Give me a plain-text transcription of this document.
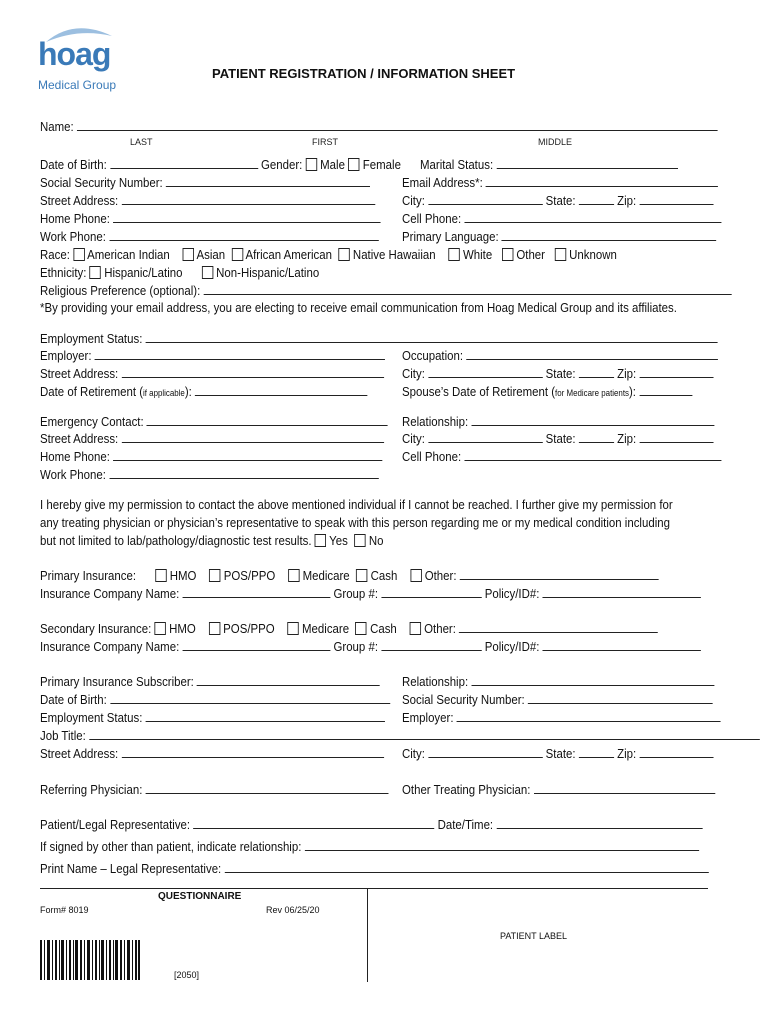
hoag
Medical Group
PATIENT REGISTRATION / INFORMATION SHEET
Name:
LAST	FIRST	MIDDLE
Date of Birth:	Gender: Male Female Marital Status:
Social Security Number:	Email Address*:
Street Address:	City:	State:	Zip:
Home Phone:	Cell Phone:
Work Phone:	Primary Language:
Race: American Indian Asian African American Native Hawaiian White Other Unknown
Ethnicity: Hispanic/Latino	Non-Hispanic/Latino
Religious Preference (optional):
*By providing your email address, you are electing to receive email communication from Hoag Medical Group and its affiliates.
Employment Status:
Employer:	Occupation:
Street Address:	City:	State:	Zip:
Date of Retirement (if applicable):	Spouse’s Date of Retirement (for Medicare patients):
Emergency Contact:	Relationship:
Street Address:	City:	State:	Zip:
Home Phone:	Cell Phone:
Work Phone:
I hereby give my permission to contact the above mentioned individual if I cannot be reached. I further give my permission for
any treating physician or physician’s representative to speak with this person regarding me or my medical condition including
but not limited to lab/pathology/diagnostic test results. Yes No
Primary Insurance:	HMO POS/PPO Medicare Cash Other:
Insurance Company Name:	Group #:	Policy/ID#:
Secondary Insurance: HMO POS/PPO Medicare Cash Other:
Insurance Company Name:	Group #:	Policy/ID#:
Primary Insurance Subscriber:	Relationship:
Date of Birth:	Social Security Number:
Employment Status:	Employer:
Job Title:
Street Address:	City:	State:	Zip:
Referring Physician:	Other Treating Physician:
Patient/Legal Representative:	Date/Time:
If signed by other than patient, indicate relationship:
Print Name – Legal Representative:
QUESTIONNAIRE
Form# 8019	Rev 06/25/20
PATIENT LABEL
[2050]
